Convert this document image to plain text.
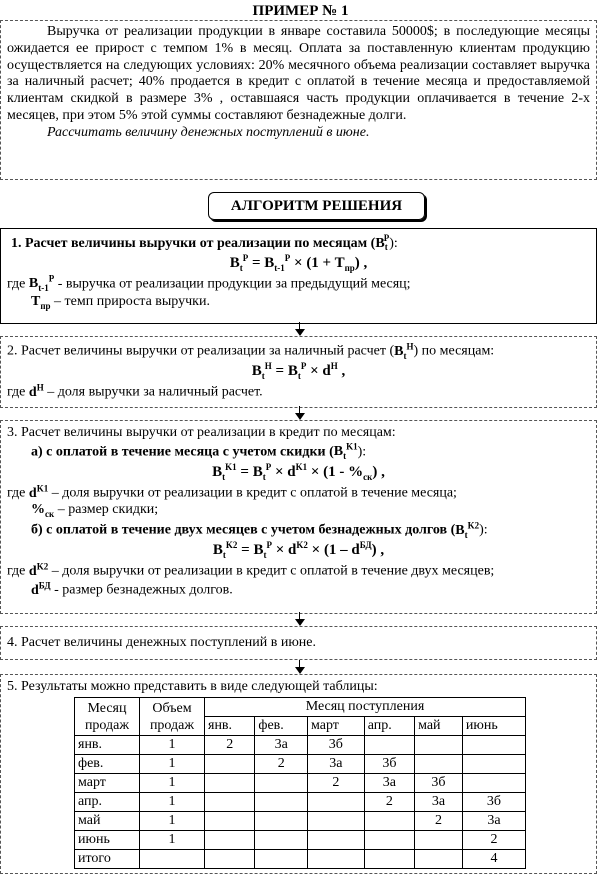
ПРИМЕР № 1

Выручка от реализации продукции в январе составила 50000$; в последующие месяцы ожидается ее прирост с темпом 1% в месяц. Оплата за поставленную клиентам продукцию осуществляется на следующих условиях: 20% месячного объема реализации составляет выручка за наличный расчет; 40% продается в кредит с оплатой в течение месяца и предоставляемой клиентам скидкой в размере 3% , оставшаяся часть продукции оплачивается в течение 2-х месяцев, при этом 5% этой суммы составляют безнадежные долги.

Рассчитать величину денежных поступлений в июне.

АЛГОРИТМ РЕШЕНИЯ
1. Расчет величины выручки от реализации по месяцам $(B_t^P)$:
$B_t^P = B_{t-1}^P \times (1 + T_{пр})$ ,
где $B_{t-1}^P$ - выручка от реализации продукции за предыдущий месяц;
$T_{пр}$ – темп прироста выручки.
2. Расчет величины выручки от реализации за наличный расчет $(B_t^H)$ по месяцам:
$B_t^H = B_t^P \times d^H$ ,
где $d^H$ – доля выручки за наличный расчет.
3. Расчет величины выручки от реализации в кредит по месяцам:
а) с оплатой в течение месяца с учетом скидки $(B_t^{K1})$:
$B_t^{K1} = B_t^P \times d^{K1} \times (1 - \%_{ск})$ ,
где $d^{K1}$ – доля выручки от реализации в кредит с оплатой в течение месяца;
$\%_{ск}$ – размер скидки;
б) с оплатой в течение двух месяцев с учетом безнадежных долгов $(B_t^{K2})$:
$B_t^{K2} = B_t^P \times d^{K2} \times (1 - d^{БД})$ ,
где $d^{K2}$ – доля выручки от реализации в кредит с оплатой в течение двух месяцев;
$d^{БД}$ - размер безнадежных долгов.
4. Расчет величины денежных поступлений в июне.
5. Результаты можно представить в виде следующей таблицы:
Месяц
продаж	Объем
продаж	Месяц поступления					
		янв.	фев.	март	апр.	май	июнь
янв.	1	2	3а	3б			
фев.	1		2	3а	3б		
март	1			2	3а	3б	
апр.	1				2	3а	3б
май	1					2	3а
июнь	1						2
итого							4
